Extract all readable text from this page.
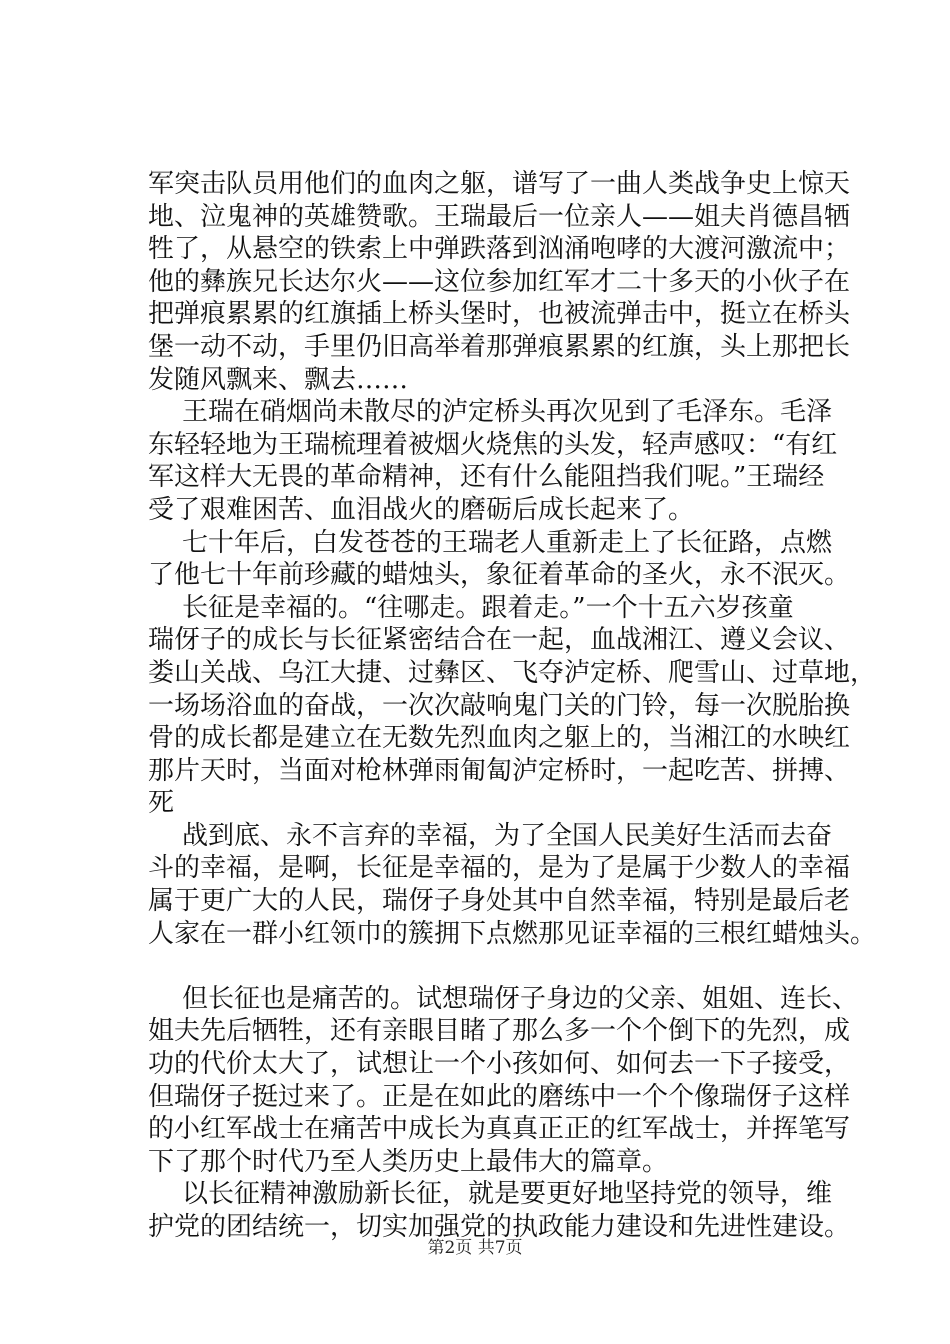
军突击队员用他们的血肉之躯，谱写了一曲人类战争史上惊天
地、泣鬼神的英雄赞歌。王瑞最后一位亲人——姐夫肖德昌牺
牲了，从悬空的铁索上中弹跌落到汹涌咆哮的大渡河激流中；
他的彝族兄长达尔火——这位参加红军才二十多天的小伙子在
把弹痕累累的红旗插上桥头堡时，也被流弹击中，挺立在桥头
堡一动不动，手里仍旧高举着那弹痕累累的红旗，头上那把长
发随风飘来、飘去……
王瑞在硝烟尚未散尽的泸定桥头再次见到了毛泽东。毛泽
东轻轻地为王瑞梳理着被烟火烧焦的头发，轻声感叹：“有红
军这样大无畏的革命精神，还有什么能阻挡我们呢。”王瑞经
受了艰难困苦、血泪战火的磨砺后成长起来了。
七十年后，白发苍苍的王瑞老人重新走上了长征路，点燃
了他七十年前珍藏的蜡烛头，象征着革命的圣火，永不泯灭。
长征是幸福的。“往哪走。跟着走。”一个十五六岁孩童
瑞伢子的成长与长征紧密结合在一起，血战湘江、遵义会议、
娄山关战、乌江大捷、过彝区、飞夺泸定桥、爬雪山、过草地，
一场场浴血的奋战，一次次敲响鬼门关的门铃，每一次脱胎换
骨的成长都是建立在无数先烈血肉之躯上的，当湘江的水映红
那片天时，当面对枪林弹雨匍匐泸定桥时，一起吃苦、拼搏、
死
战到底、永不言弃的幸福，为了全国人民美好生活而去奋
斗的幸福，是啊，长征是幸福的，是为了是属于少数人的幸福
属于更广大的人民，瑞伢子身处其中自然幸福，特别是最后老
人家在一群小红领巾的簇拥下点燃那见证幸福的三根红蜡烛头。
但长征也是痛苦的。试想瑞伢子身边的父亲、姐姐、连长、
姐夫先后牺牲，还有亲眼目睹了那么多一个个倒下的先烈，成
功的代价太大了，试想让一个小孩如何、如何去一下子接受，
但瑞伢子挺过来了。正是在如此的磨练中一个个像瑞伢子这样
的小红军战士在痛苦中成长为真真正正的红军战士，并挥笔写
下了那个时代乃至人类历史上最伟大的篇章。
以长征精神激励新长征，就是要更好地坚持党的领导，维
护党的团结统一，切实加强党的执政能力建设和先进性建设。
第2页 共7页
